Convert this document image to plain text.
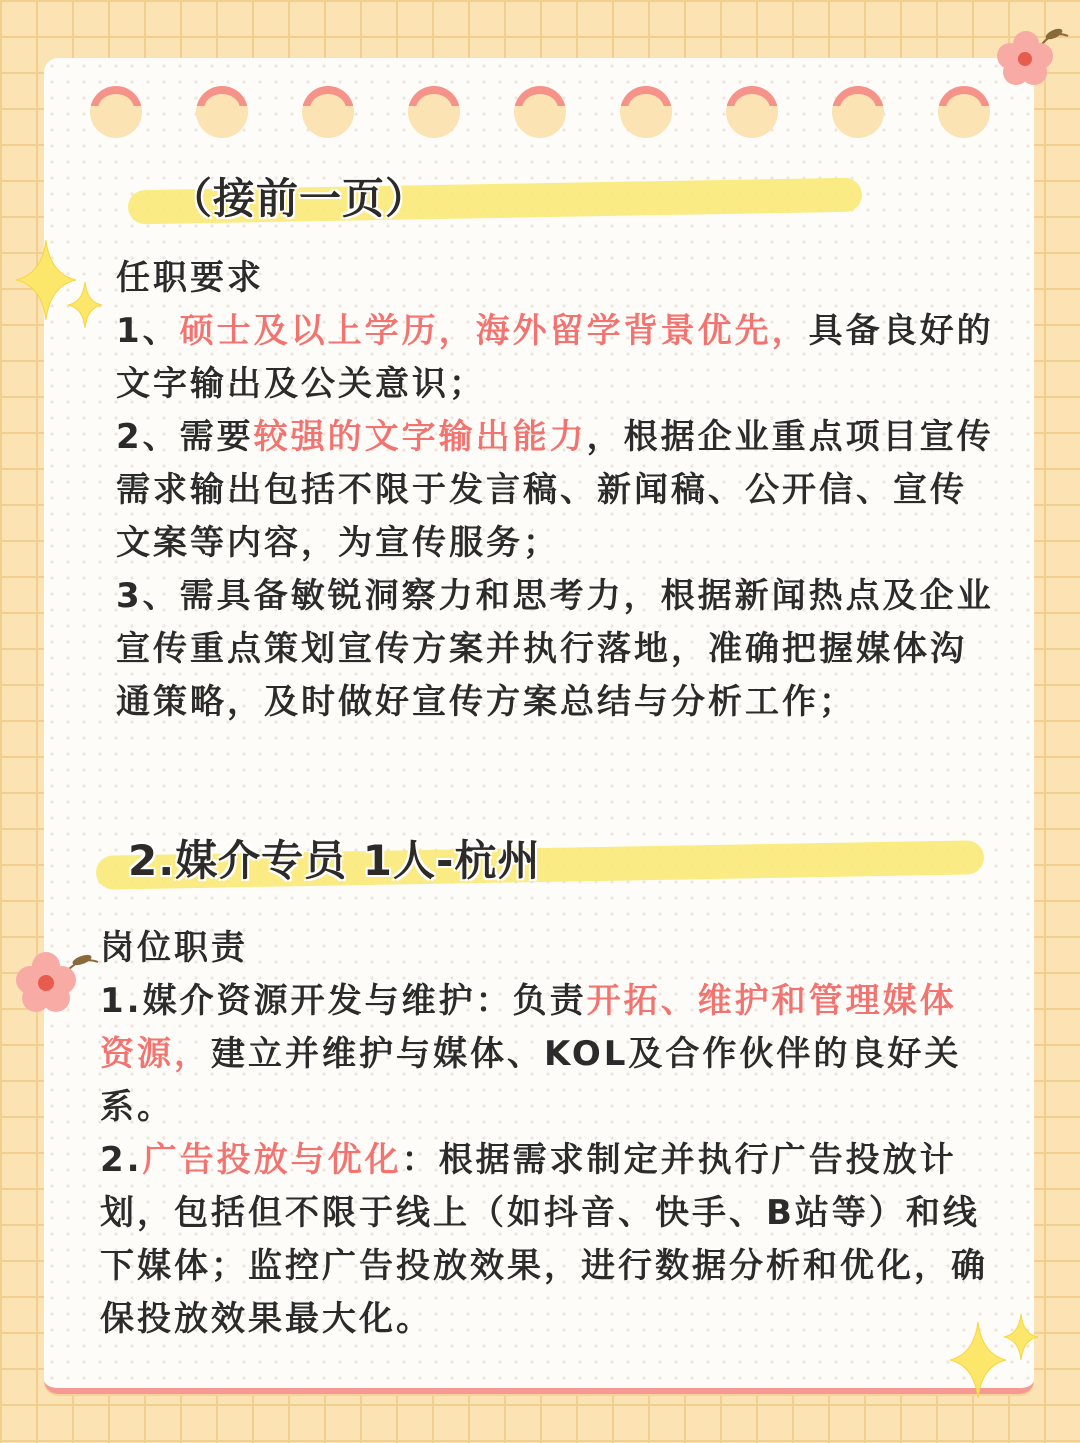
（接前一页）

任职要求

1、硕士及以上学历，海外留学背景优先，具备良好的文字输出及公关意识；

2、需要较强的文字输出能力，根据企业重点项目宣传需求输出包括不限于发言稿、新闻稿、公开信、宣传文案等内容，为宣传服务；

3、需具备敏锐洞察力和思考力，根据新闻热点及企业宣传重点策划宣传方案并执行落地，准确把握媒体沟通策略，及时做好宣传方案总结与分析工作；

2.媒介专员 1人-杭州

岗位职责

1.媒介资源开发与维护：负责开拓、维护和管理媒体资源，建立并维护与媒体、KOL及合作伙伴的良好关系。

2.广告投放与优化：根据需求制定并执行广告投放计划，包括但不限于线上（如抖音、快手、B站等）和线下媒体；监控广告投放效果，进行数据分析和优化，确保投放效果最大化。
